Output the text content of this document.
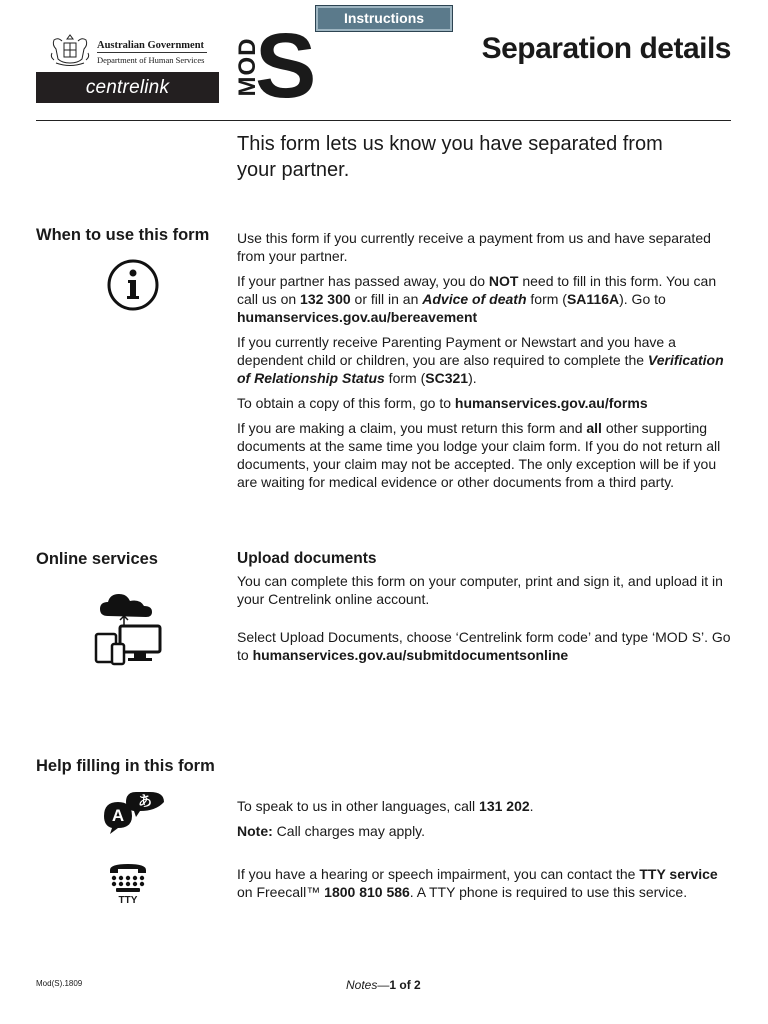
Instructions
Australian Government
Department of Human Services
centrelink	MOD
S	Separation details
This form lets us know you have separated from your partner.
When to use this form Use this form if you currently receive a payment from us and have separated from your partner.

If your partner has passed away, you do NOT need to fill in this form. You can call us on 132 300 or fill in an Advice of death form (SA116A). Go to humanservices.gov.au/bereavement

If you currently receive Parenting Payment or Newstart and you have a dependent child or children, you are also required to complete the Verification of Relationship Status form (SC321).

To obtain a copy of this form, go to humanservices.gov.au/forms

If you are making a claim, you must return this form and all other supporting documents at the same time you lodge your claim form. If you do not return all documents, your claim may not be accepted. The only exception will be if you are waiting for medical evidence or other documents from a third party.

Online services	Upload documents

You can complete this form on your computer, print and sign it, and upload it in your Centrelink online account.

Select Upload Documents, choose ‘Centrelink form code’ and type ‘MOD S’. Go to humanservices.gov.au/submitdocumentsonline

Help filling in this form
あ
A
TTY

To speak to us in other languages, call 131 202.

Note: Call charges may apply.

If you have a hearing or speech impairment, you can contact the TTY service on Freecall™ 1800 810 586. A TTY phone is required to use this service.

Mod(S).1809	Notes—1 of 2
